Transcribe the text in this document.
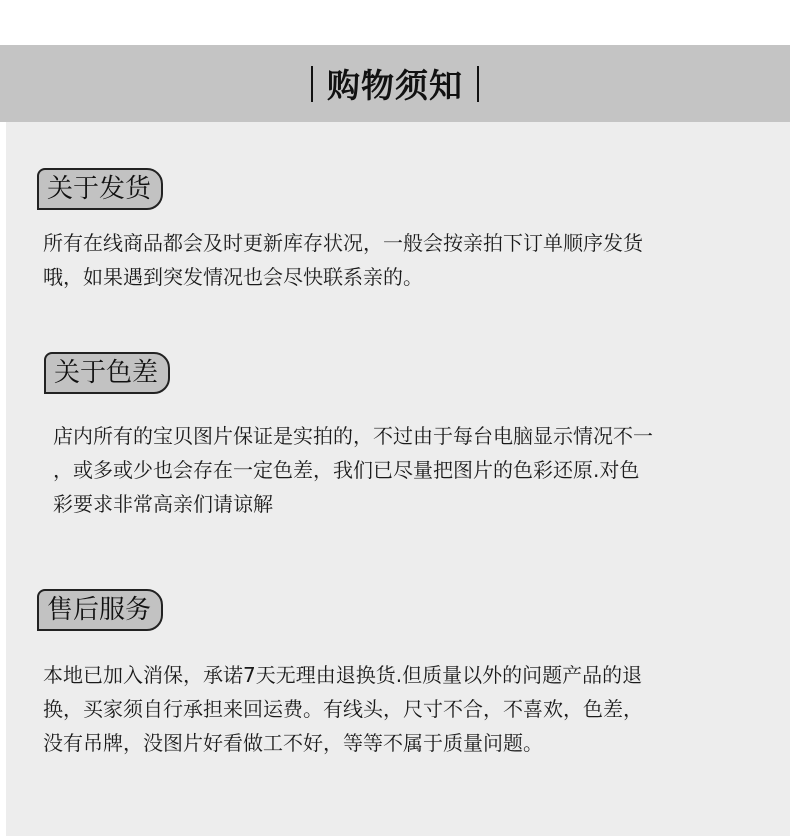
购物须知
关于发货

所有在线商品都会及时更新库存状况，一般会按亲拍下订单顺序发货
哦，如果遇到突发情况也会尽快联系亲的。

关于色差

店内所有的宝贝图片保证是实拍的，不过由于每台电脑显示情况不一
，或多或少也会存在一定色差，我们已尽量把图片的色彩还原.对色
彩要求非常高亲们请谅解

售后服务

本地已加入消保，承诺7天无理由退换货.但质量以外的问题产品的退
换，买家须自行承担来回运费。有线头，尺寸不合，不喜欢，色差，
没有吊牌，没图片好看做工不好，等等不属于质量问题。
